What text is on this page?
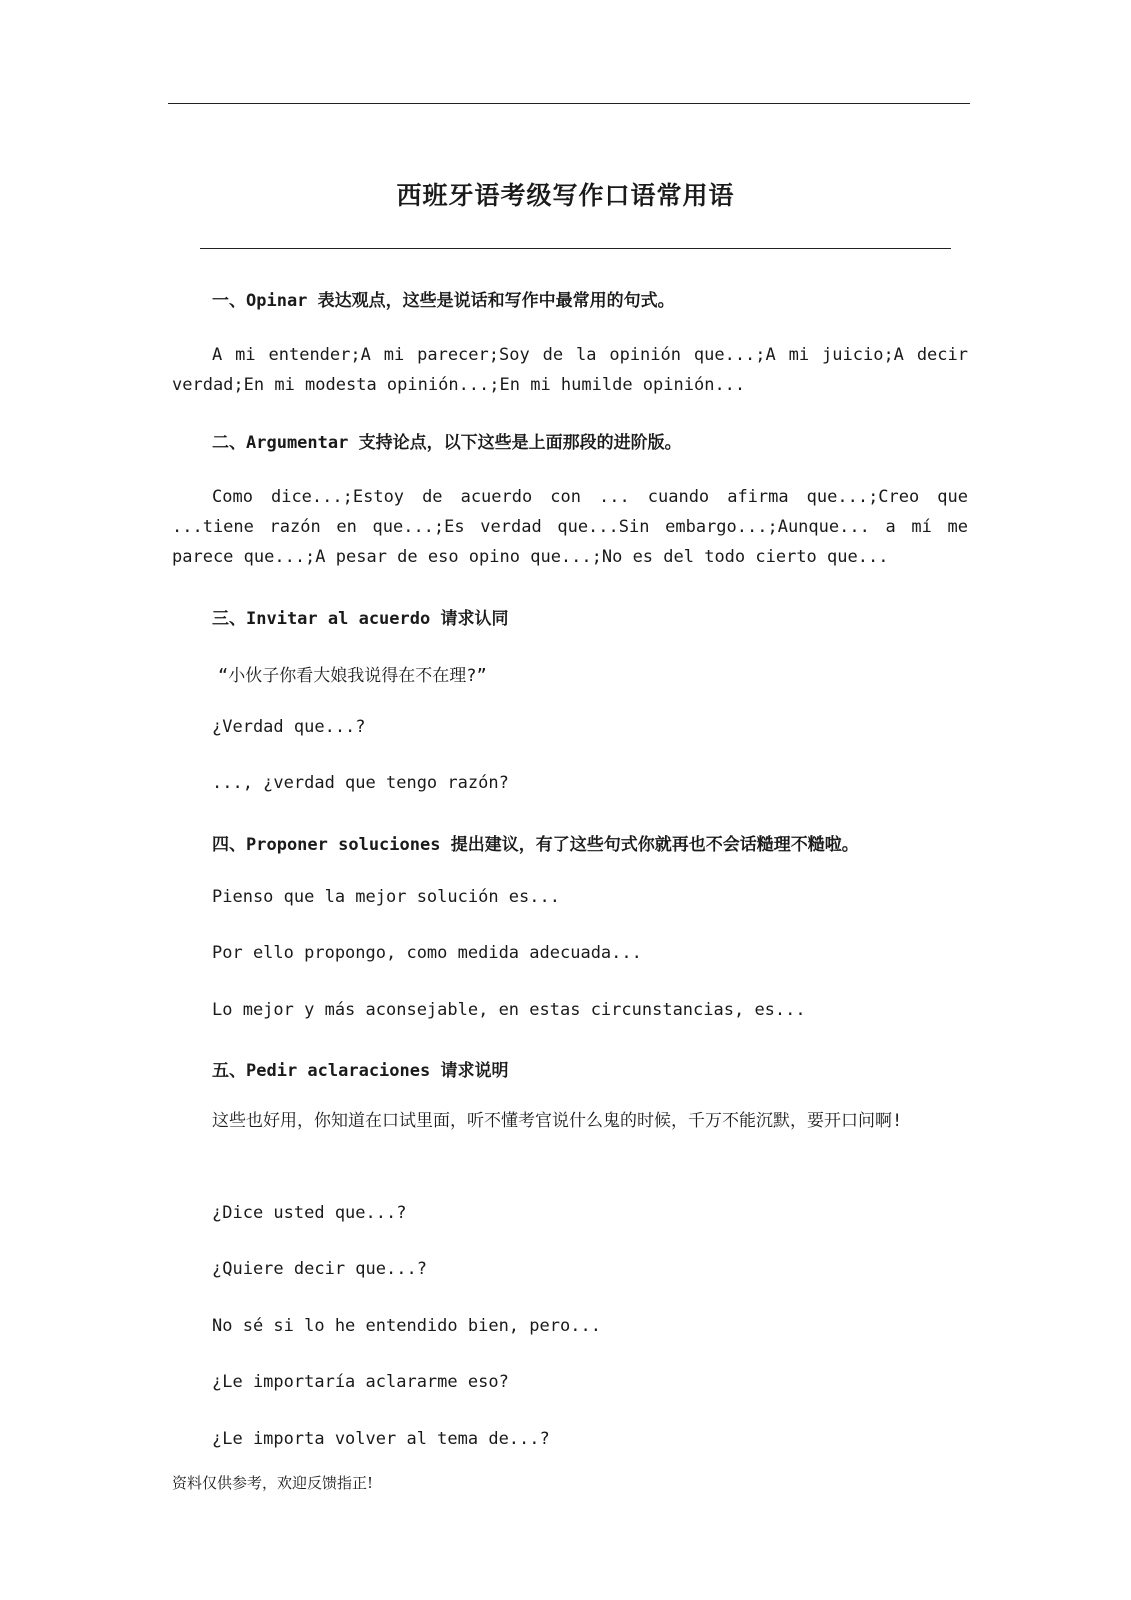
西班牙语考级写作口语常用语
一、Opinar 表达观点，这些是说话和写作中最常用的句式。
A mi entender;A mi parecer;Soy de la opinión que...;A mi juicio;A decir verdad;En mi modesta opinión...;En mi humilde opinión...
二、Argumentar 支持论点，以下这些是上面那段的进阶版。
Como dice...;Estoy de acuerdo con ... cuando afirma que...;Creo que ...tiene razón en que...;Es verdad que...Sin embargo...;Aunque... a mí me parece que...;A pesar de eso opino que...;No es del todo cierto que...
三、Invitar al acuerdo 请求认同
“小伙子你看大娘我说得在不在理?”
¿Verdad que...?
..., ¿verdad que tengo razón?
四、Proponer soluciones 提出建议，有了这些句式你就再也不会话糙理不糙啦。
Pienso que la mejor solución es...
Por ello propongo, como medida adecuada...
Lo mejor y más aconsejable, en estas circunstancias, es...
五、Pedir aclaraciones 请求说明
这些也好用，你知道在口试里面，听不懂考官说什么鬼的时候，千万不能沉默，要开口问啊!
¿Dice usted que...?
¿Quiere decir que...?
No sé si lo he entendido bien, pero...
¿Le importaría aclararme eso?
¿Le importa volver al tema de...?
资料仅供参考，欢迎反馈指正!
